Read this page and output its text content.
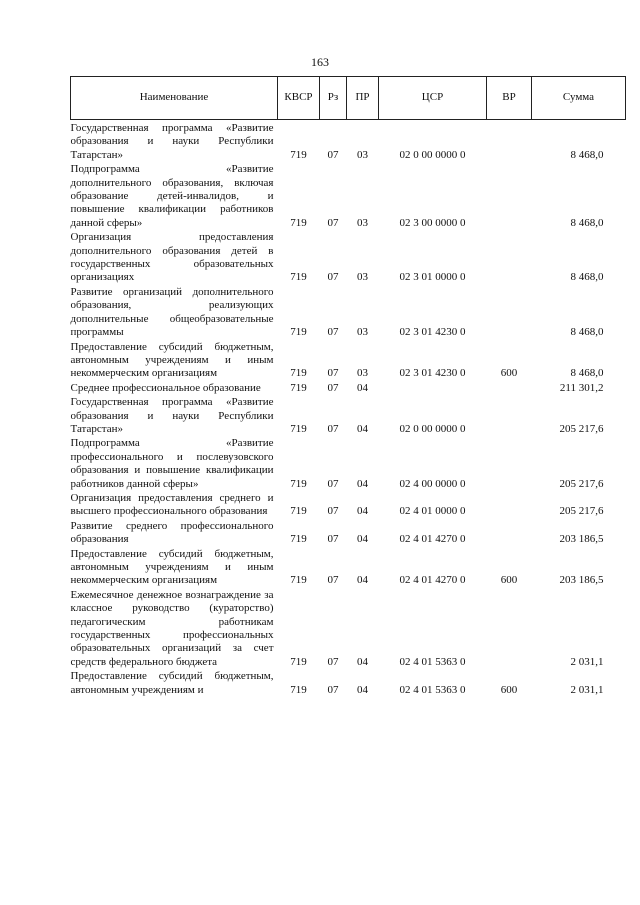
163
Наименование	КВСР	Рз	ПР	ЦСР	ВР	Сумма
Государственная программа «Развитие образования и науки Республики Татарстан»	719	07	03	02 0 00 0000 0		8 468,0
Подпрограмма «Развитие дополнительного образования, включая образование детей-инвалидов, и повышение квалификации работников данной сферы»	719	07	03	02 3 00 0000 0		8 468,0
Организация предоставления дополнительного образования детей в государственных образовательных организациях	719	07	03	02 3 01 0000 0		8 468,0
Развитие организаций дополнительного образования, реализующих дополнительные общеобразовательные программы	719	07	03	02 3 01 4230 0		8 468,0
Предоставление субсидий бюджетным, автономным учреждениям и иным некоммерческим организациям	719	07	03	02 3 01 4230 0	600	8 468,0
Среднее профессиональное образование	719	07	04			211 301,2
Государственная программа «Развитие образования и науки Республики Татарстан»	719	07	04	02 0 00 0000 0		205 217,6
Подпрограмма «Развитие профессионального и послевузовского образования и повышение квалификации работников данной сферы»	719	07	04	02 4 00 0000 0		205 217,6
Организация предоставления среднего и высшего профессионального образования	719	07	04	02 4 01 0000 0		205 217,6
Развитие среднего профессионального образования	719	07	04	02 4 01 4270 0		203 186,5
Предоставление субсидий бюджетным, автономным учреждениям и иным некоммерческим организациям	719	07	04	02 4 01 4270 0	600	203 186,5
Ежемесячное денежное вознаграждение за классное руководство (кураторство) педагогическим работникам государственных профессиональных образовательных организаций за счет средств федерального бюджета	719	07	04	02 4 01 5363 0		2 031,1
Предоставление субсидий бюджетным, автономным учреждениям и	719	07	04	02 4 01 5363 0	600	2 031,1
